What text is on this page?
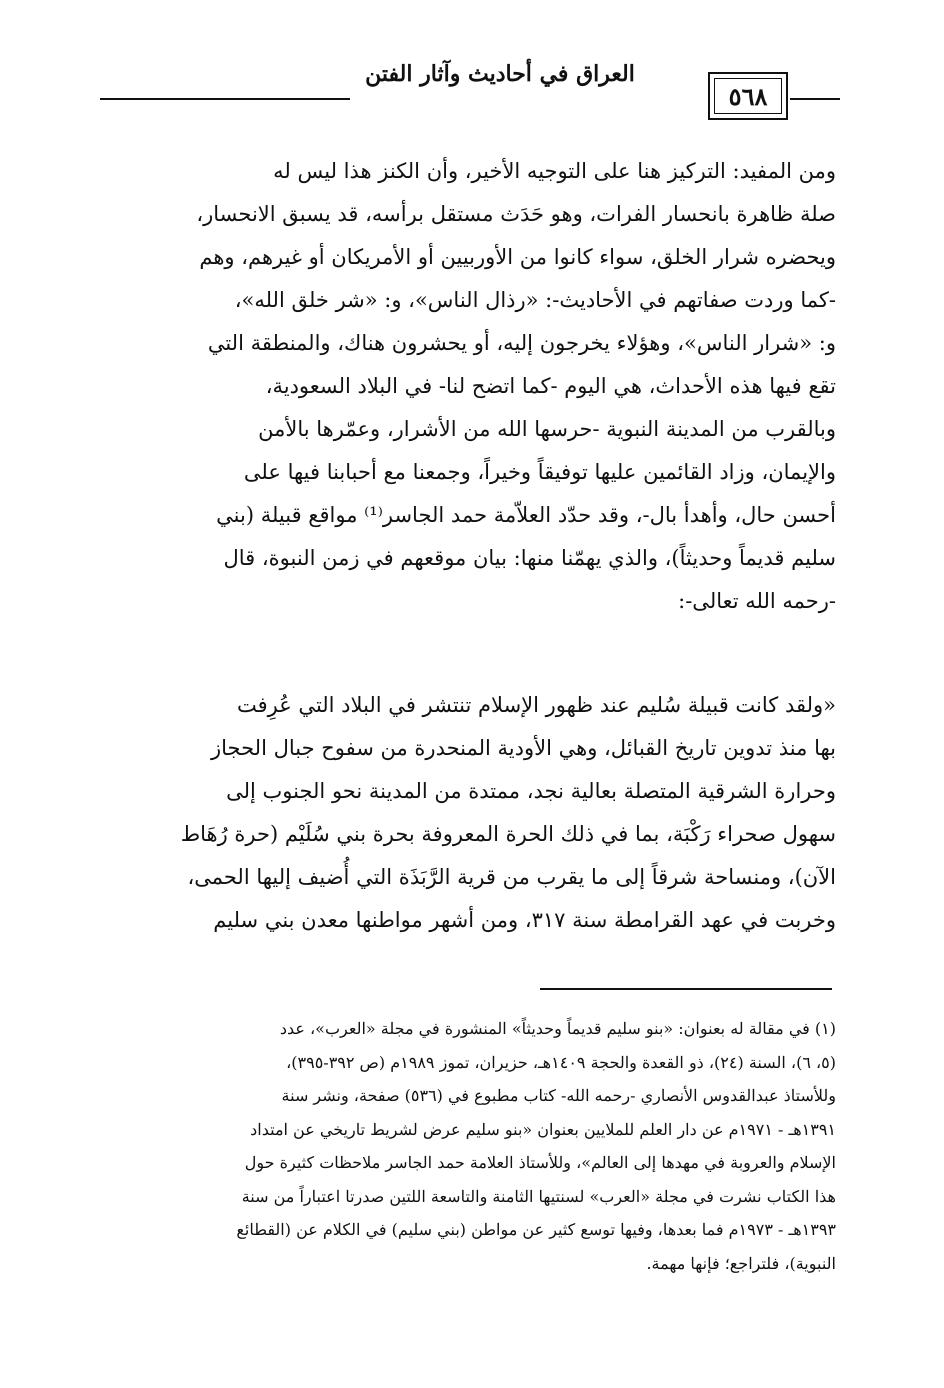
العراق في أحاديث وآثار الفتن
٥٦٨
ومن المفيد: التركيز هنا على التوجيه الأخير، وأن الكنز هذا ليس له
صلة ظاهرة بانحسار الفرات، وهو حَدَث مستقل برأسه، قد يسبق الانحسار،
ويحضره شرار الخلق، سواء كانوا من الأوربيين أو الأمريكان أو غيرهم، وهم
-كما وردت صفاتهم في الأحاديث-: «رذال الناس»، و: «شر خلق الله»،
و: «شرار الناس»، وهؤلاء يخرجون إليه، أو يحشرون هناك، والمنطقة التي
تقع فيها هذه الأحداث، هي اليوم -كما اتضح لنا- في البلاد السعودية،
وبالقرب من المدينة النبوية -حرسها الله من الأشرار، وعمّرها بالأمن
والإيمان، وزاد القائمين عليها توفيقاً وخيراً، وجمعنا مع أحبابنا فيها على
أحسن حال، وأهدأ بال-، وقد حدّد العلاّمة حمد الجاسر⁽¹⁾ مواقع قبيلة (بني
سليم قديماً وحديثاً)، والذي يهمّنا منها: بيان موقعهم في زمن النبوة، قال
-رحمه الله تعالى-:
«ولقد كانت قبيلة سُليم عند ظهور الإسلام تنتشر في البلاد التي عُرِفت
بها منذ تدوين تاريخ القبائل، وهي الأودية المنحدرة من سفوح جبال الحجاز
وحرارة الشرقية المتصلة بعالية نجد، ممتدة من المدينة نحو الجنوب إلى
سهول صحراء رَكْبَة، بما في ذلك الحرة المعروفة بحرة بني سُلَيْم (حرة رُهَاط
الآن)، ومنساحة شرقاً إلى ما يقرب من قرية الرَّبَذَة التي أُضيف إليها الحمى،
وخربت في عهد القرامطة سنة ٣١٧، ومن أشهر مواطنها معدن بني سليم
(١) في مقالة له بعنوان: «بنو سليم قديماً وحديثاً» المنشورة في مجلة «العرب»، عدد
(٥، ٦)، السنة (٢٤)، ذو القعدة والحجة ١٤٠٩هـ، حزيران، تموز ١٩٨٩م (ص ٣٩٢-٣٩٥)،
وللأستاذ عبدالقدوس الأنصاري -رحمه الله- كتاب مطبوع في (٥٣٦) صفحة، ونشر سنة
١٣٩١هـ - ١٩٧١م عن دار العلم للملايين بعنوان «بنو سليم عرض لشريط تاريخي عن امتداد
الإسلام والعروبة في مهدها إلى العالم»، وللأستاذ العلامة حمد الجاسر ملاحظات كثيرة حول
هذا الكتاب نشرت في مجلة «العرب» لسنتيها الثامنة والتاسعة اللتين صدرتا اعتباراً من سنة
١٣٩٣هـ - ١٩٧٣م فما بعدها، وفيها توسع كثير عن مواطن (بني سليم) في الكلام عن (القطائع
النبوية)، فلتراجع؛ فإنها مهمة.
